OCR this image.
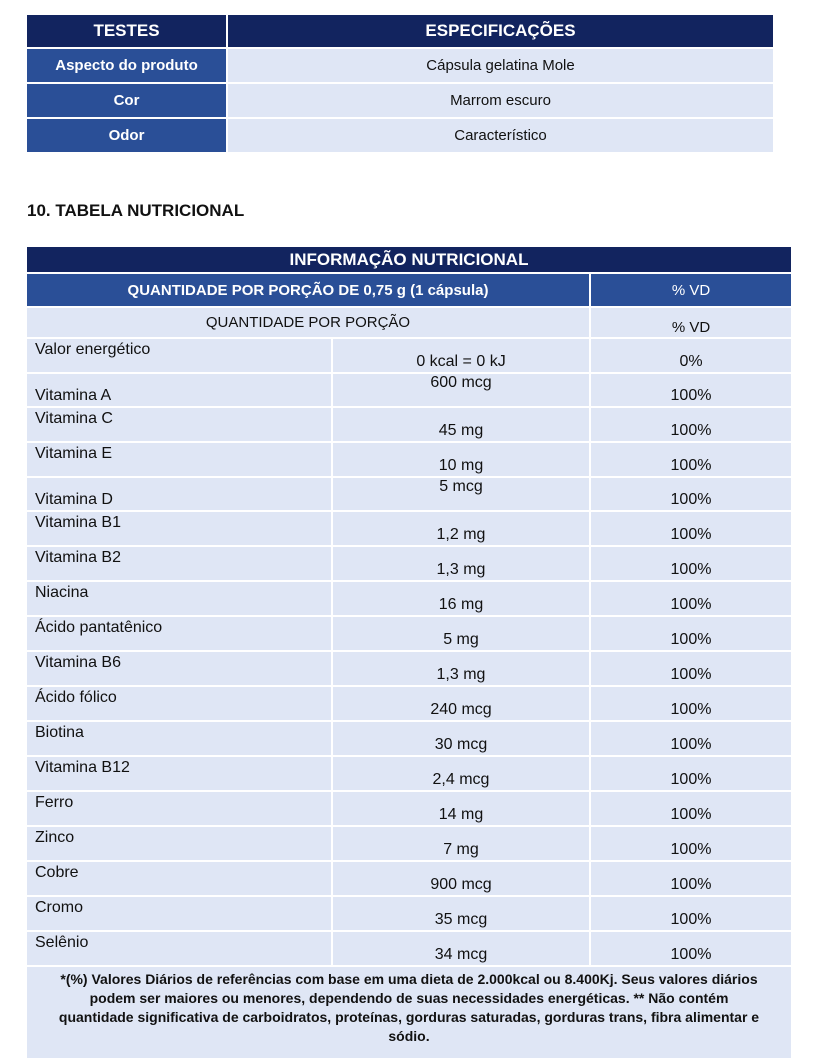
TESTES	ESPECIFICAÇÕES
Aspecto do produto	Cápsula gelatina Mole
Cor	Marrom escuro
Odor	Característico
10. TABELA NUTRICIONAL
INFORMAÇÃO NUTRICIONAL		
QUANTIDADE POR PORÇÃO DE 0,75 g (1 cápsula)		% VD
QUANTIDADE POR PORÇÃO		% VD
Valor energético	0 kcal = 0 kJ	0%
Vitamina A	600 mcg	100%
Vitamina C	45 mg	100%
Vitamina E	10 mg	100%
Vitamina D	5 mcg	100%
Vitamina B1	1,2 mg	100%
Vitamina B2	1,3 mg	100%
Niacina	16 mg	100%
Ácido pantatênico	5 mg	100%
Vitamina B6	1,3 mg	100%
Ácido fólico	240 mcg	100%
Biotina	30 mcg	100%
Vitamina B12	2,4 mcg	100%
Ferro	14 mg	100%
Zinco	7 mg	100%
Cobre	900 mcg	100%
Cromo	35 mcg	100%
Selênio	34 mcg	100%
*(%) Valores Diários de referências com base em uma dieta de 2.000kcal ou 8.400Kj. Seus valores diários podem ser maiores ou menores, dependendo de suas necessidades energéticas. ** Não contém quantidade significativa de carboidratos, proteínas, gorduras saturadas, gorduras trans, fibra alimentar e sódio.		
